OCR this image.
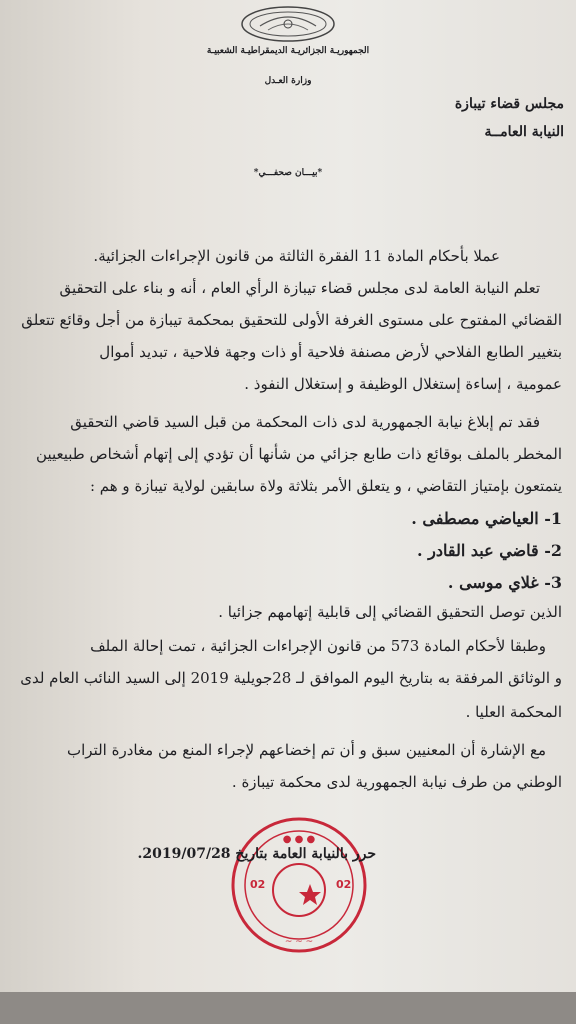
الجمهوريـة الجزائريـة الديمقراطيـة الشعبيـة
وزارة العـدل
مجلس قضاء تيبازة
النيابة العامــة
*بيـــان صحفـــي*
عملا بأحكام المادة 11 الفقرة الثالثة من قانون الإجراءات الجزائية.
تعلم النيابة العامة لدى مجلس قضاء تيبازة الرأي العام ، أنه و بناء على التحقيق
القضائي المفتوح على مستوى الغرفة الأولى للتحقيق بمحكمة تيبازة من أجل وقائع تتعلق
بتغيير الطابع الفلاحي لأرض مصنفة فلاحية أو ذات وجهة فلاحية ، تبديد أموال
عمومية ، إساءة إستغلال الوظيفة و إستغلال النفوذ .
فقد تم إبلاغ نيابة الجمهورية لدى ذات المحكمة من قبل السيد قاضي التحقيق
المخطر بالملف بوقائع ذات طابع جزائي من شأنها أن تؤدي إلى إتهام أشخاص طبيعيين
يتمتعون بإمتياز التقاضي ، و يتعلق الأمر بثلاثة ولاة سابقين لولاية تيبازة و هم :
1- العياضي مصطفى .
2- قاضي عبد القادر .
3- غلاي موسى .
الذين توصل التحقيق القضائي إلى قابلية إتهامهم جزائيا .
وطبقا لأحكام المادة 573 من قانون الإجراءات الجزائية ، تمت إحالة الملف
و الوثائق المرفقة به بتاريخ اليوم الموافق لـ 28جويلية 2019 إلى السيد النائب العام لدى
المحكمة العليا .
مع الإشارة أن المعنيين سبق و أن تم إخضاعهم لإجراء المنع من مغادرة التراب
الوطني من طرف نيابة الجمهورية لدى محكمة تيبازة .
● ● ●
02	02
~ ~ ~
حرر بالنيابة العامة بتاريخ 2019/07/28.
